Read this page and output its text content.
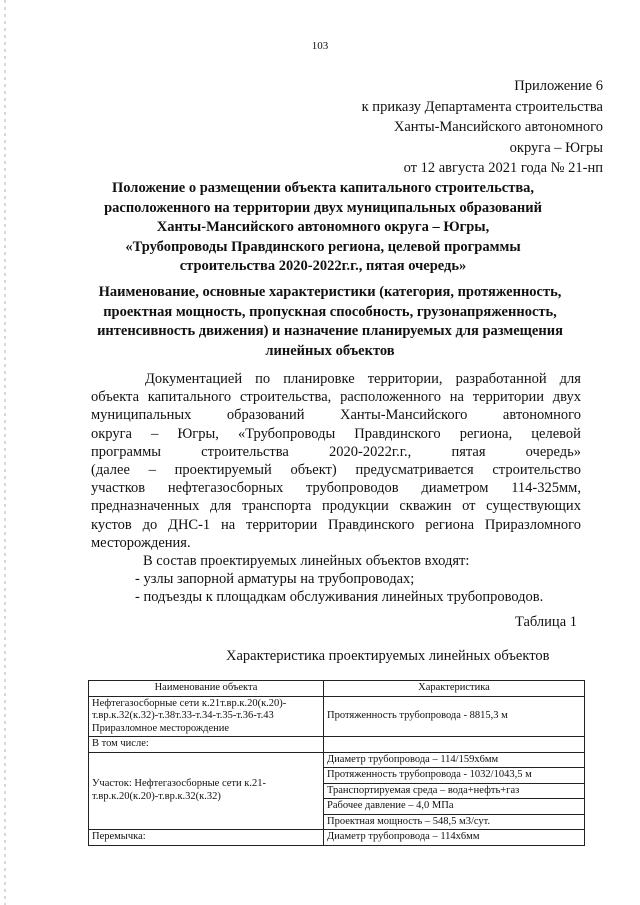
103
Приложение 6
к приказу Департамента строительства
Ханты-Мансийского автономного
округа – Югры
от 12 августа 2021 года № 21-нп
Положение о размещении объекта капитального строительства,
расположенного на территории двух муниципальных образований
Ханты-Мансийского автономного округа – Югры,
«Трубопроводы Правдинского региона, целевой программы
строительства 2020-2022г.г., пятая очередь»
Наименование, основные характеристики (категория, протяженность,
проектная мощность, пропускная способность, грузонапряженность,
интенсивность движения) и назначение планируемых для размещения
линейных объектов
Документацией по планировке территории, разработанной для
объекта капитального строительства, расположенного на территории двух
муниципальных образований Ханты-Мансийского автономного
округа – Югры, «Трубопроводы Правдинского региона, целевой
программы	строительства	2020-2022г.г.,	пятая	очередь»
(далее – проектируемый объект) предусматривается строительство
участков нефтегазосборных трубопроводов диаметром 114-325мм,
предназначенных для транспорта продукции скважин от существующих
кустов до ДНС-1 на территории Правдинского региона Приразломного
месторождения.
В состав проектируемых линейных объектов входят:
- узлы запорной арматуры на трубопроводах;
- подъезды к площадкам обслуживания линейных трубопроводов.
Таблица 1
Характеристика проектируемых линейных объектов
Наименование объекта	Характеристика
Нефтегазосборные сети к.21т.вр.к.20(к.20)-т.вр.к.32(к.32)-т.38т.33-т.34-т.35-т.36-т.43 Приразломное месторождение	Протяженность трубопровода - 8815,3 м
В том числе:	
Участок: Нефтегазосборные сети к.21-т.вр.к.20(к.20)-т.вр.к.32(к.32)	Диаметр трубопровода – 114/159х6мм
	Протяженность трубопровода - 1032/1043,5 м
	Транспортируемая среда – вода+нефть+газ
	Рабочее давление – 4,0 МПа
	Проектная мощность – 548,5 м3/сут.
Перемычка:	Диаметр трубопровода – 114х6мм
